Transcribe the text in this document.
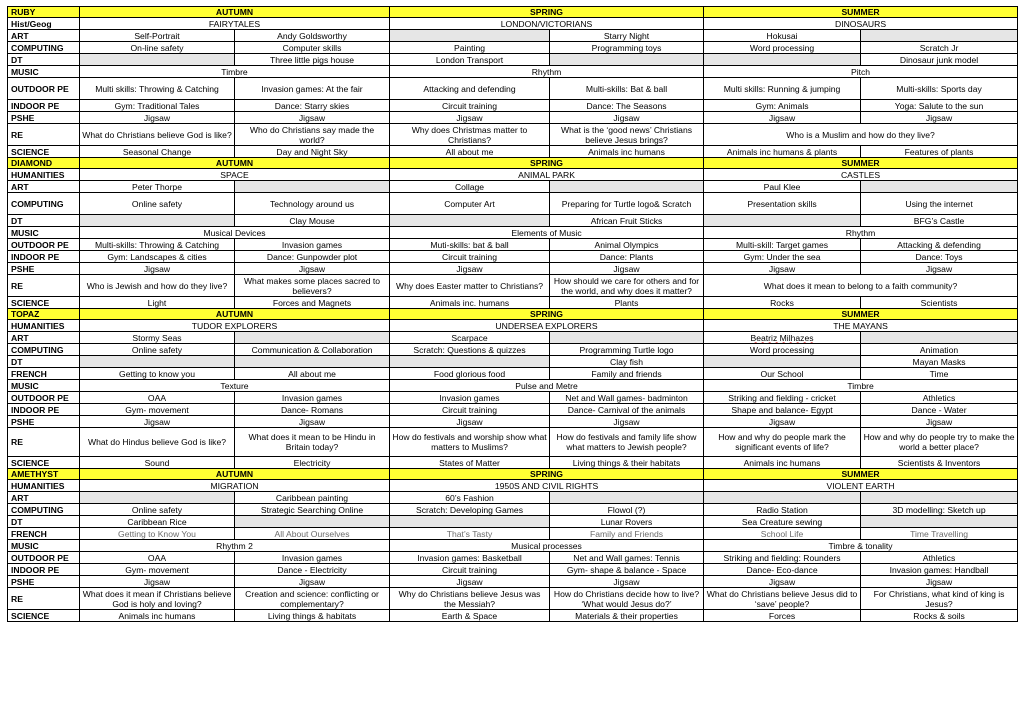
RUBY	AUTUMN		SPRING		SUMMER	
Hist/Geog	FAIRYTALES		LONDON/VICTORIANS		DINOSAURS	
ART	Self-Portrait	Andy Goldsworthy		Starry Night	Hokusai	
COMPUTING	On-line safety	Computer skills	Painting	Programming toys	Word processing	Scratch Jr
DT		Three little pigs house	London Transport			Dinosaur junk model
MUSIC	Timbre		Rhythm		Pitch	
OUTDOOR PE	Multi skills: Throwing & Catching	Invasion games: At the fair	Attacking and defending	Multi-skills: Bat & ball	Multi skills: Running & jumping	Multi-skills: Sports day
INDOOR PE	Gym: Traditional Tales	Dance: Starry skies	Circuit training	Dance: The Seasons	Gym: Animals	Yoga: Salute to the sun
PSHE	Jigsaw	Jigsaw	Jigsaw	Jigsaw	Jigsaw	Jigsaw
RE	What do Christians believe God is like?	Who do Christians say made the world?	Why does Christmas matter to Christians?	What is the ‘good news’ Christians believe Jesus brings?	Who is a Muslim and how do they live?	
SCIENCE	Seasonal Change	Day and Night Sky	All about me	Animals inc humans	Animals inc humans & plants	Features of plants
DIAMOND	AUTUMN		SPRING		SUMMER	
HUMANITIES	SPACE		ANIMAL PARK		CASTLES	
ART	Peter Thorpe		Collage		Paul Klee	
COMPUTING	Online safety	Technology around us	Computer Art	Preparing for Turtle logo& Scratch	Presentation skills	Using the internet
DT		Clay Mouse		African Fruit Sticks		BFG’s Castle
MUSIC	Musical Devices		Elements of Music		Rhythm	
OUTDOOR PE	Multi-skills: Throwing & Catching	Invasion games	Muti-skills: bat & ball	Animal Olympics	Multi-skill: Target games	Attacking & defending
INDOOR PE	Gym: Landscapes & cities	Dance: Gunpowder plot	Circuit training	Dance: Plants	Gym: Under the sea	Dance: Toys
PSHE	Jigsaw	Jigsaw	Jigsaw	Jigsaw	Jigsaw	Jigsaw
RE	Who is Jewish and how do they live?	What makes some places sacred to believers?	Why does Easter matter to Christians?	How should we care for others and for the world, and why does it matter?	What does it mean to belong to a faith community?	
SCIENCE	Light	Forces and Magnets	Animals inc. humans	Plants	Rocks	Scientists
TOPAZ	AUTUMN		SPRING		SUMMER	
HUMANITIES	TUDOR EXPLORERS		UNDERSEA EXPLORERS		THE MAYANS	
ART	Stormy Seas		Scarpace		Beatriz Milhazes	
COMPUTING	Online safety	Communication & Collaboration	Scratch: Questions & quizzes	Programming Turtle logo	Word processing	Animation
DT				Clay fish		Mayan Masks
FRENCH	Getting to know you	All about me	Food glorious food	Family and friends	Our School	Time
MUSIC	Texture		Pulse and Metre		Timbre	
OUTDOOR PE	OAA	Invasion games	Invasion games	Net and Wall games- badminton	Striking and fielding - cricket	Athletics
INDOOR PE	Gym- movement	Dance- Romans	Circuit training	Dance- Carnival of the animals	Shape and balance- Egypt	Dance - Water
PSHE	Jigsaw	Jigsaw	Jigsaw	Jigsaw	Jigsaw	Jigsaw
RE	What do Hindus believe God is like?	What does it mean to be Hindu in Britain today?	How do festivals and worship show what matters to Muslims?	How do festivals and family life show what matters to Jewish people?	How and why do people mark the significant events of life?	How and why do people try to make the world a better place?
SCIENCE	Sound	Electricity	States of Matter	Living things & their habitats	Animals inc humans	Scientists & Inventors
AMETHYST	AUTUMN		SPRING		SUMMER	
HUMANITIES	MIGRATION		1950S AND CIVIL RIGHTS		VIOLENT EARTH	
ART		Caribbean painting	60’s Fashion			
COMPUTING	Online safety	Strategic Searching Online	Scratch: Developing Games	Flowol (?)	Radio Station	3D modelling: Sketch up
DT	Caribbean Rice			Lunar Rovers	Sea Creature sewing	
FRENCH	Getting to Know You	All About Ourselves	That’s Tasty	Family and Friends	School Life	Time Travelling
MUSIC	Rhythm 2		Musical processes		Timbre & tonality	
OUTDOOR PE	OAA	Invasion games	Invasion games: Basketball	Net and Wall games: Tennis	Striking and fielding: Rounders	Athletics
INDOOR PE	Gym- movement	Dance - Electricity	Circuit training	Gym- shape & balance - Space	Dance- Eco-dance	Invasion games: Handball
PSHE	Jigsaw	Jigsaw	Jigsaw	Jigsaw	Jigsaw	Jigsaw
RE	What does it mean if Christians believe God is holy and loving?	Creation and science: conflicting or complementary?	Why do Christians believe Jesus was the Messiah?	How do Christians decide how to live? ‘What would Jesus do?’	What do Christians believe Jesus did to ‘save’ people?	For Christians, what kind of king is Jesus?
SCIENCE	Animals inc humans	Living things & habitats	Earth & Space	Materials & their properties	Forces	Rocks & soils
